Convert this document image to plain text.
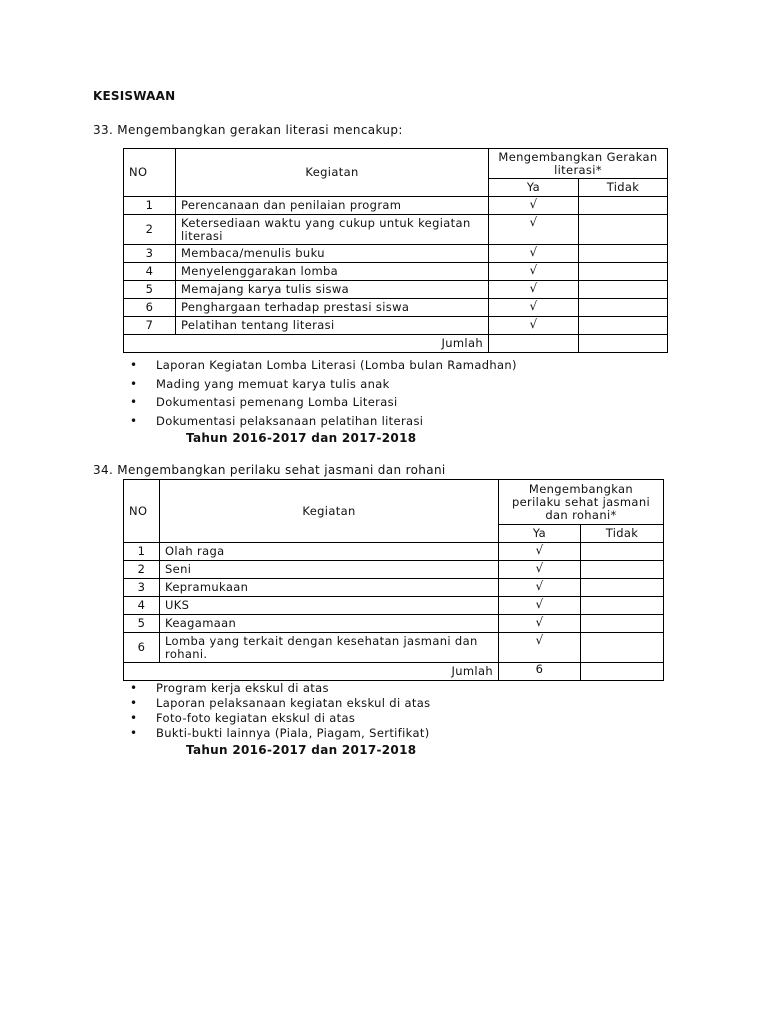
KESISWAAN
33. Mengembangkan gerakan literasi mencakup:
NO	Kegiatan	Mengembangkan Gerakan literasi*	
		Ya	Tidak
1	Perencanaan dan penilaian program	√	
2	Ketersediaan waktu yang cukup untuk kegiatan literasi	√	
3	Membaca/menulis buku	√	
4	Menyelenggarakan lomba	√	
5	Memajang karya tulis siswa	√	
6	Penghargaan terhadap prestasi siswa	√	
7	Pelatihan tentang literasi	√	
Jumlah			
• Laporan Kegiatan Lomba Literasi (Lomba bulan Ramadhan)
• Mading yang memuat karya tulis anak
• Dokumentasi pemenang Lomba Literasi
• Dokumentasi pelaksanaan pelatihan literasi
Tahun 2016-2017 dan 2017-2018
34. Mengembangkan perilaku sehat jasmani dan rohani
NO	Kegiatan	Mengembangkan perilaku sehat jasmani dan rohani*	
		Ya	Tidak
1	Olah raga	√	
2	Seni	√	
3	Kepramukaan	√	
4	UKS	√	
5	Keagamaan	√	
6	Lomba yang terkait dengan kesehatan jasmani dan rohani.	√	
Jumlah		6	
• Program kerja ekskul di atas
• Laporan pelaksanaan kegiatan ekskul di atas
• Foto-foto kegiatan ekskul di atas
• Bukti-bukti lainnya (Piala, Piagam, Sertifikat)
Tahun 2016-2017 dan 2017-2018
